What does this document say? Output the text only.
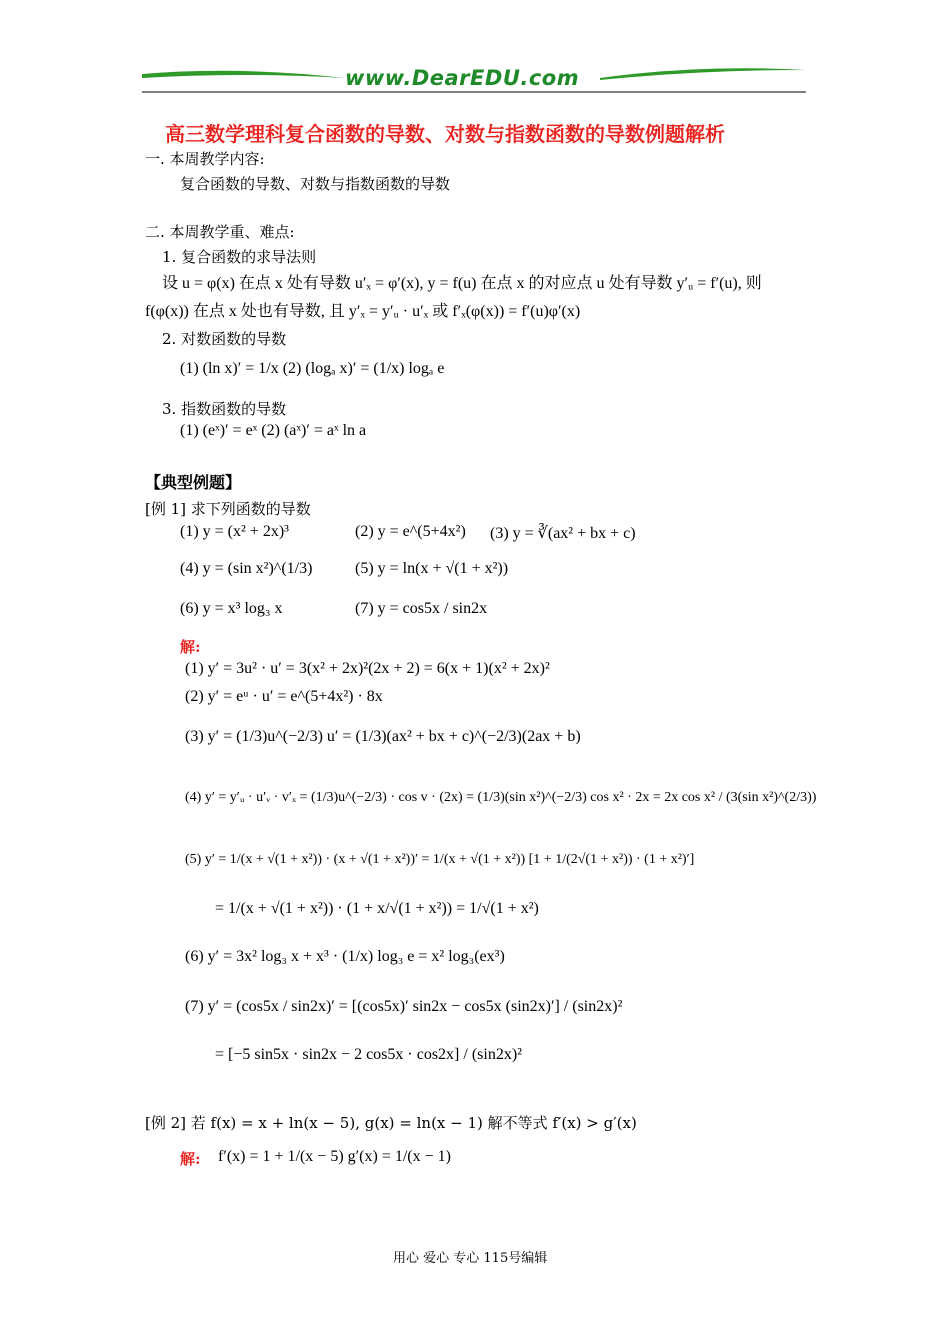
www.DearEDU.com
高三数学理科复合函数的导数、对数与指数函数的导数例题解析
一. 本周教学内容:
复合函数的导数、对数与指数函数的导数
二. 本周教学重、难点:
1. 复合函数的求导法则
设 u = φ(x) 在点 x 处有导数 u′ₓ = φ′(x), y = f(u) 在点 x 的对应点 u 处有导数 y′ᵤ = f′(u), 则
f(φ(x)) 在点 x 处也有导数, 且 y′ₓ = y′ᵤ · u′ₓ 或 f′ₓ(φ(x)) = f′(u)φ′(x)
2. 对数函数的导数
(1) (ln x)′ = 1/x (2) (logₐ x)′ = (1/x) logₐ e
3. 指数函数的导数
(1) (eˣ)′ = eˣ (2) (aˣ)′ = aˣ ln a
【典型例题】
[例 1] 求下列函数的导数
(1) y = (x² + 2x)³	(2) y = e^(5+4x²) (3) y = ∛(ax² + bx + c)
(4) y = (sin x²)^(1/3)	(5) y = ln(x + √(1 + x²))
(6) y = x³ log₃ x	(7) y = cos5x / sin2x
解:
(1) y′ = 3u² · u′ = 3(x² + 2x)²(2x + 2) = 6(x + 1)(x² + 2x)²
(2) y′ = eᵘ · u′ = e^(5+4x²) · 8x
(3) y′ = (1/3)u^(−2/3) u′ = (1/3)(ax² + bx + c)^(−2/3)(2ax + b)
(4) y′ = y′ᵤ · u′ᵥ · v′ₓ = (1/3)u^(−2/3) · cos v · (2x) = (1/3)(sin x²)^(−2/3) cos x² · 2x = 2x cos x² / (3(sin x²)^(2/3))
(5) y′ = 1/(x + √(1 + x²)) · (x + √(1 + x²))′ = 1/(x + √(1 + x²)) [1 + 1/(2√(1 + x²)) · (1 + x²)′]
= 1/(x + √(1 + x²)) · (1 + x/√(1 + x²)) = 1/√(1 + x²)
(6) y′ = 3x² log₃ x + x³ · (1/x) log₃ e = x² log₃(ex³)
(7) y′ = (cos5x / sin2x)′ = [(cos5x)′ sin2x − cos5x (sin2x)′] / (sin2x)²
= [−5 sin5x · sin2x − 2 cos5x · cos2x] / (sin2x)²
[例 2] 若 f(x) = x + ln(x − 5), g(x) = ln(x − 1) 解不等式 f′(x) > g′(x)
解: f′(x) = 1 + 1/(x − 5) g′(x) = 1/(x − 1)
用心 爱心 专心 115号编辑
